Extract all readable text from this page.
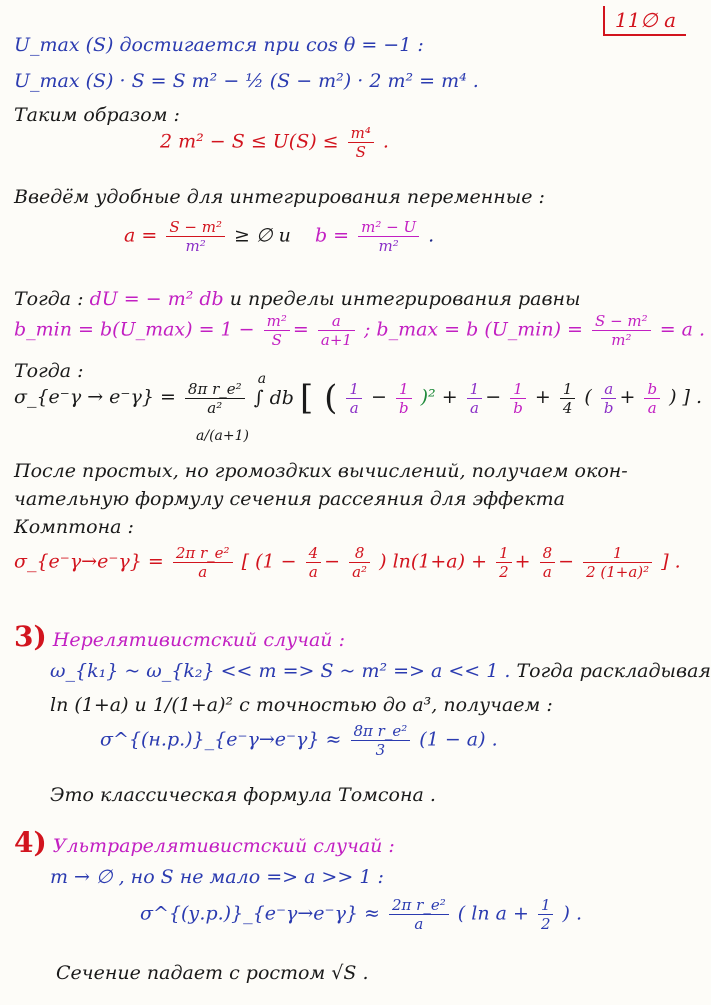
11∅ a
U_max (S) достигается при cos θ = −1 :
U_max (S) · S = S m² − ½ (S − m²) · 2 m² = m⁴ .
Таким образом :
2 $m^2 - S \le U(S) \le \frac{\text{m⁴}}{S}$ .
Введём удобные для интегрирования переменные :
$a = \frac{\text{S − m²}}{\text{m²}}$ ≥ ∅ и $b = \frac{\text{m² − U}}{\text{m²}}$ .
Тогда : dU = − m² db и пределы интегрирования равны
b_min = b(U_max) = $1 - \frac{\text{m²}}{S} = \frac{a}{a+1}$ ; b_max = b (U_min) = $\frac{\text{S − m²}}{\text{m²}} = a$ .
Тогда :
σ_{e⁻γ → $e^-\gamma\} = \frac{\text{8π r\_e²}}{\text{a²}}$

a
∫ db [ ( $\frac{1}{a} - \frac{1}{b} )^2 + \frac{1}{a} - \frac{1}{b} + \frac{1}{4}$ ( $\frac{a}{b} + \frac{b}{a}$ ) ] .
a/(a+1)
После простых, но громоздких вычислений, получаем окон-
чательную формулу сечения рассеяния для эффекта
Комптона :
σ_{e⁻γ→e⁻γ} = $\frac{\text{2π r\_e²}}{a}$ [ ($1 - \frac{4}{a} - \frac{8}{\text{a²}}$ ) $\ln(1+a) + \frac{1}{2} + \frac{8}{a} - \frac{1}{\text{2 (1+a)²}}$ ] .
3) Нерелятивистский случай :
ω_{k₁} ~ ω_{k₂} << m => S ~ m² => a << 1 . Тогда раскладывая
ln (1+a) и 1/(1+a)² с точностью до a³, получаем :
σ^{(н.р.)}_{e⁻γ→e⁻γ} ≈ $\frac{\text{8π r\_e²}}{3} (1 - a)$ .
Это классическая формула Томсона .
4) Ультрарелятивистский случай :
m → ∅ , но S не мало => a >> 1 :
σ^{(у.р.)}_{e⁻γ→e⁻γ} ≈ $\frac{\text{2π r\_e²}}{a}$ ( $\ln a + \frac{1}{2}$ ) .
Сечение падает с ростом √S .
